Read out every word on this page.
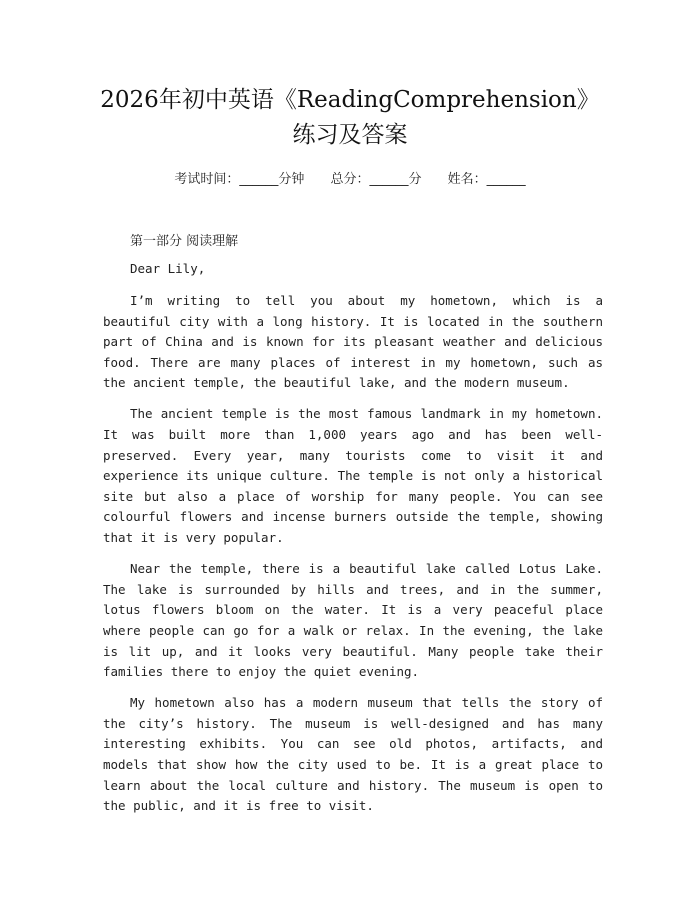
2026年初中英语《ReadingComprehension》
练习及答案
考试时间：______分钟 总分：______分 姓名：______
第一部分 阅读理解
Dear Lily,

I’m writing to tell you about my hometown, which is a beautiful city with a long history. It is located in the southern part of China and is known for its pleasant weather and delicious food. There are many places of interest in my hometown, such as the ancient temple, the beautiful lake, and the modern museum.

The ancient temple is the most famous landmark in my hometown. It was built more than 1,000 years ago and has been well-preserved. Every year, many tourists come to visit it and experience its unique culture. The temple is not only a historical site but also a place of worship for many people. You can see colourful flowers and incense burners outside the temple, showing that it is very popular.

Near the temple, there is a beautiful lake called Lotus Lake. The lake is surrounded by hills and trees, and in the summer, lotus flowers bloom on the water. It is a very peaceful place where people can go for a walk or relax. In the evening, the lake is lit up, and it looks very beautiful. Many people take their families there to enjoy the quiet evening.

My hometown also has a modern museum that tells the story of the city’s history. The museum is well-designed and has many interesting exhibits. You can see old photos, artifacts, and models that show how the city used to be. It is a great place to learn about the local culture and history. The museum is open to the public, and it is free to visit.
